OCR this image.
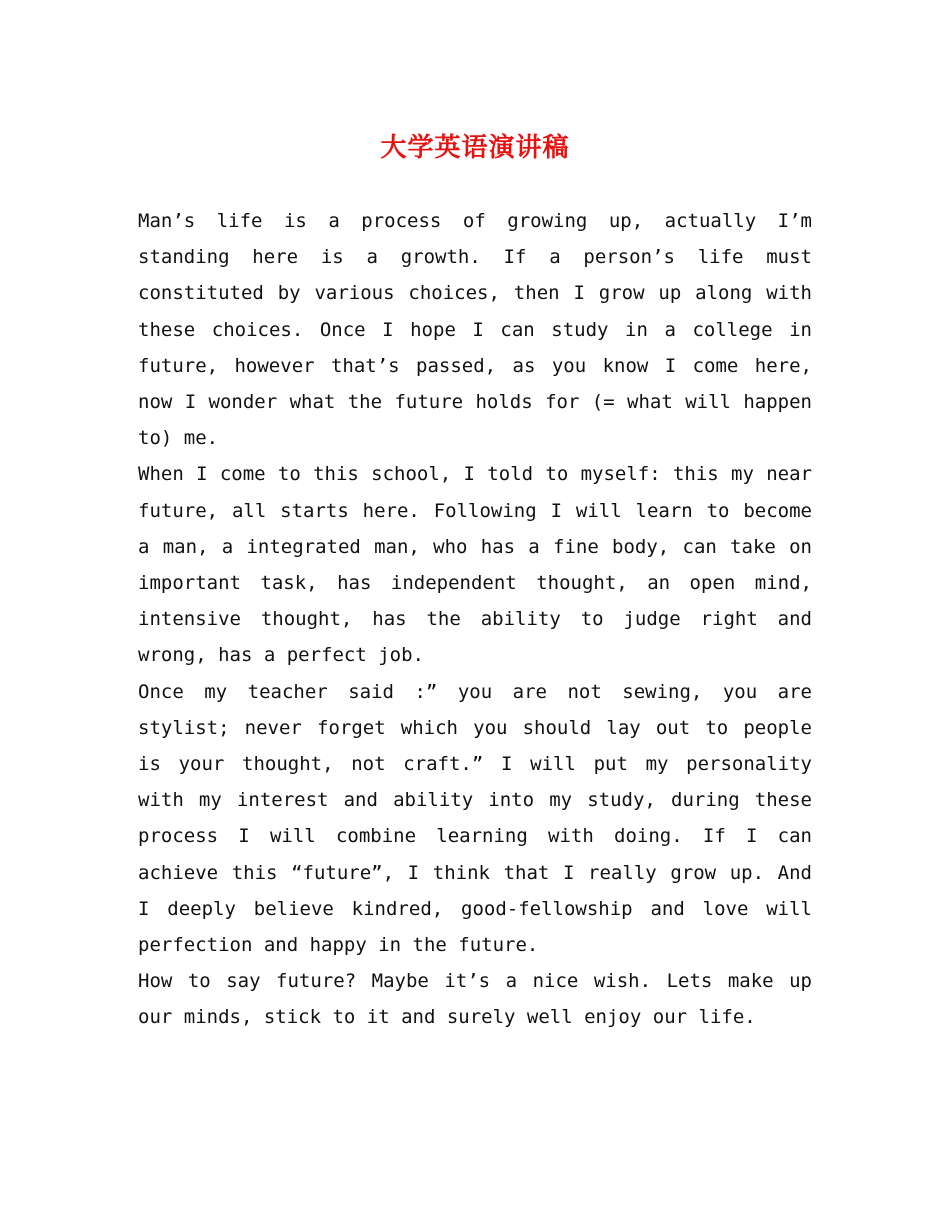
大学英语演讲稿

Man’s life is a process of growing up, actually I’m standing here is a growth. If a person’s life must constituted by various choices, then I grow up along with these choices. Once I hope I can study in a college in future, however that’s passed, as you know I come here, now I wonder what the future holds for (= what will happen to) me.

When I come to this school, I told to myself: this my near future, all starts here. Following I will learn to become a man, a integrated man, who has a fine body, can take on important task, has independent thought, an open mind, intensive thought, has the ability to judge right and wrong, has a perfect job.

Once my teacher said :” you are not sewing, you are stylist; never forget which you should lay out to people is your thought, not craft.” I will put my personality with my interest and ability into my study, during these process I will combine learning with doing. If I can achieve this “future”, I think that I really grow up. And I deeply believe kindred, good-fellowship and love will perfection and happy in the future.

How to say future? Maybe it’s a nice wish. Lets make up our minds, stick to it and surely well enjoy our life.
